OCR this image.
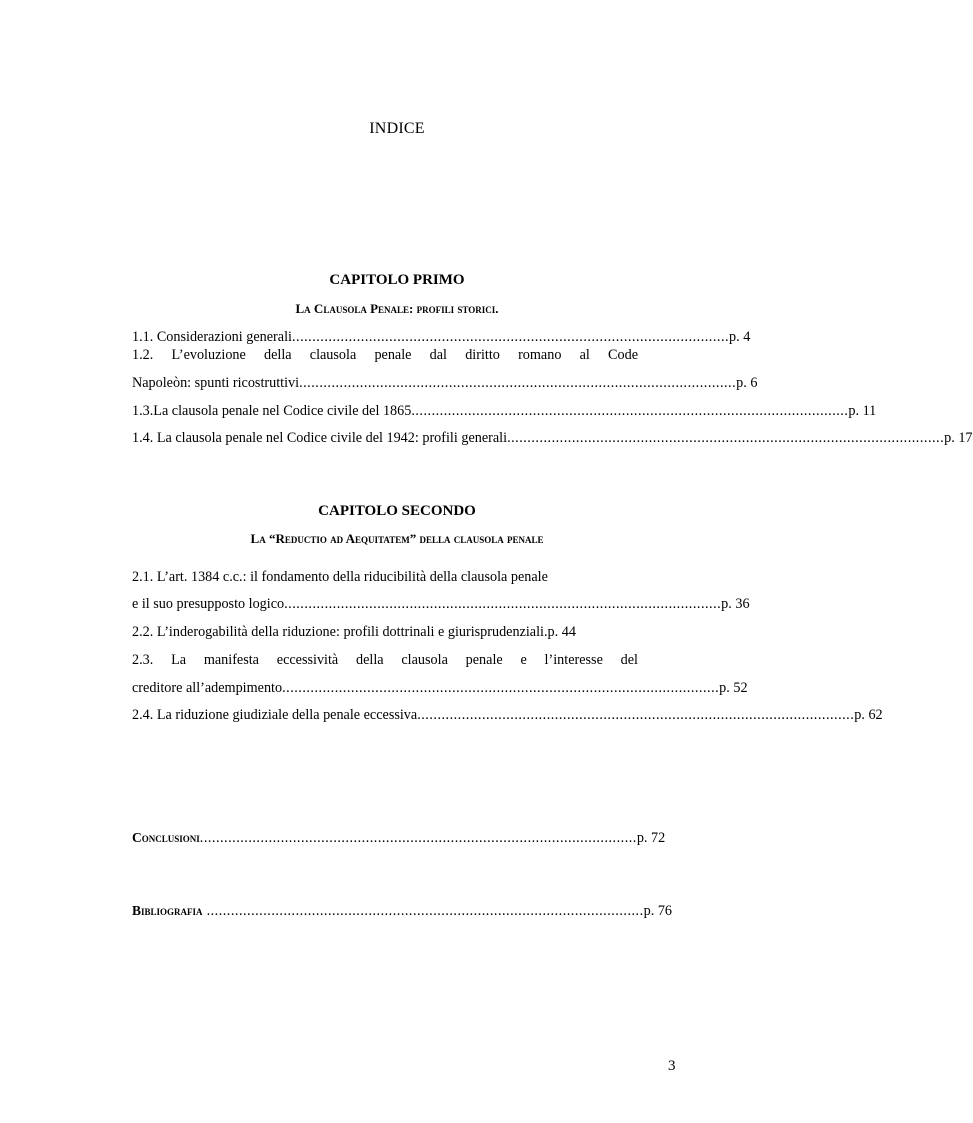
INDICE
CAPITOLO PRIMO
La Clausola Penale: profili storici.
1.1. Considerazioni generali ............................................................................................................ p. 4
1.2. L’evoluzione della clausola penale dal diritto romano al Code
Napoleòn: spunti ricostruttivi ............................................................................................................ p. 6
1.3.La clausola penale nel Codice civile del 1865 ............................................................................................................ p. 11
1.4. La clausola penale nel Codice civile del 1942: profili generali ............................................................................................................ p. 17
CAPITOLO SECONDO
La “Reductio ad Aequitatem” della clausola penale
2.1. L’art. 1384 c.c.: il fondamento della riducibilità della clausola penale
e il suo presupposto logico ............................................................................................................ p. 36
2.2. L’inderogabilità della riduzione: profili dottrinali e giurisprudenziali. p. 44
2.3. La manifesta eccessività della clausola penale e l’interesse del
creditore all’adempimento ............................................................................................................ p. 52
2.4. La riduzione giudiziale della penale eccessiva ............................................................................................................ p. 62
Conclusioni ............................................................................................................ p. 72
Bibliografia ............................................................................................................ p. 76
3
